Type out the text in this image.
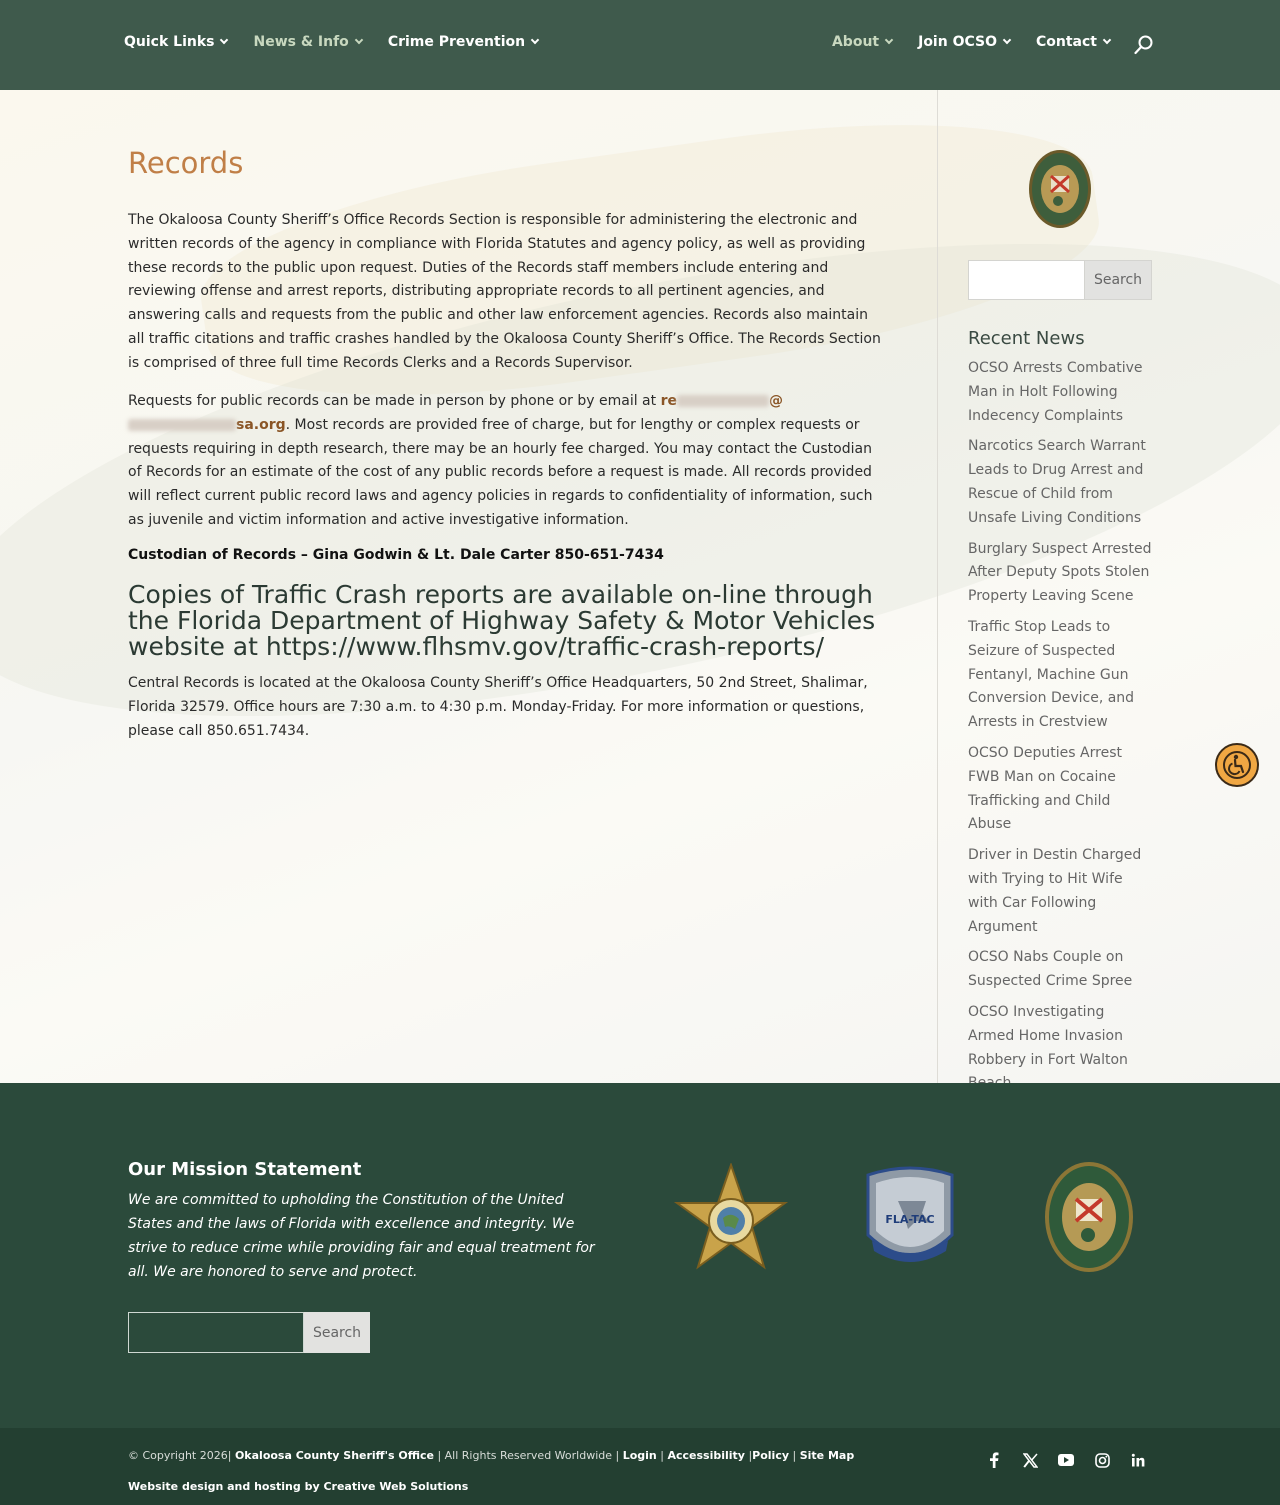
Quick Links	News & Info	Crime Prevention	About	Join OCSO	Contact
Records

The Okaloosa County Sheriff’s Office Records Section is responsible for administering the electronic and written records of the agency in compliance with Florida Statutes and agency policy, as well as providing these records to the public upon request. Duties of the Records staff members include entering and reviewing offense and arrest reports, distributing appropriate records to all pertinent agencies, and answering calls and requests from the public and other law enforcement agencies. Records also maintain all traffic citations and traffic crashes handled by the Okaloosa County Sheriff’s Office. The Records Section is comprised of three full time Records Clerks and a Records Supervisor.

Requests for public records can be made in person by phone or by email at re	@sa.org. Most records are provided free of charge, but for lengthy or complex requests or requests requiring in depth research, there may be an hourly fee charged. You may contact the Custodian of Records for an estimate of the cost of any public records before a request is made. All records provided will reflect current public record laws and agency policies in regards to confidentiality of information, such as juvenile and victim information and active investigative information.

Custodian of Records – Gina Godwin & Lt. Dale Carter 850-651-7434

Copies of Traffic Crash reports are available on-line through the Florida Department of Highway Safety & Motor Vehicles website at https://www.flhsmv.gov/traffic-crash-reports/

Central Records is located at the Okaloosa County Sheriff’s Office Headquarters, 50 2nd Street, Shalimar, Florida 32579. Office hours are 7:30 a.m. to 4:30 p.m. Monday-Friday. For more information or questions, please call 850.651.7434.

Search
Recent News
OCSO Arrests Combative Man in Holt Following Indecency Complaints
Narcotics Search Warrant Leads to Drug Arrest and Rescue of Child from Unsafe Living Conditions
Burglary Suspect Arrested After Deputy Spots Stolen Property Leaving Scene
Traffic Stop Leads to Seizure of Suspected Fentanyl, Machine Gun Conversion Device, and Arrests in Crestview
OCSO Deputies Arrest FWB Man on Cocaine Trafficking and Child Abuse
Driver in Destin Charged with Trying to Hit Wife with Car Following Argument
OCSO Nabs Couple on Suspected Crime Spree
OCSO Investigating Armed Home Invasion Robbery in Fort Walton
Our Mission Statement

We are committed to upholding the Constitution of the United States and the laws of Florida with excellence and integrity. We strive to reduce crime while providing fair and equal treatment for all. We are honored to serve and protect.

Search
FLA-TAC
© Copyright 2026| Okaloosa County Sheriff's Office | All Rights Reserved Worldwide | Login | Accessibility |Policy | Site Map
Website design and hosting by Creative Web Solutions
